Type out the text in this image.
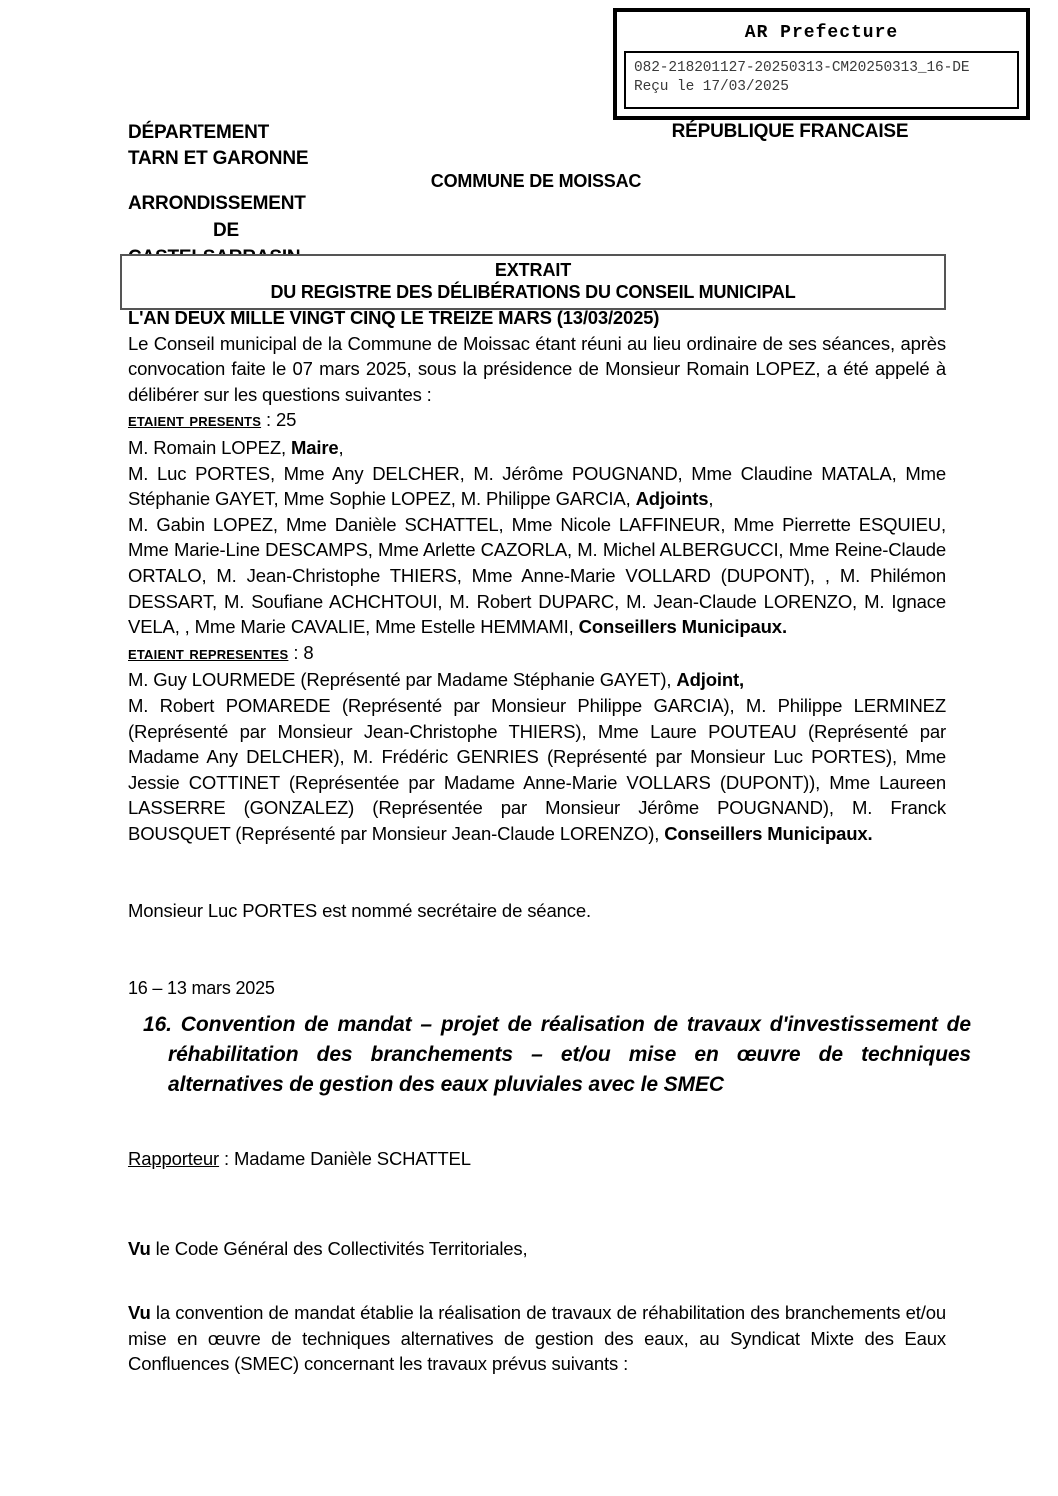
AR Prefecture
082-218201127-20250313-CM20250313_16-DE
Reçu le 17/03/2025
DÉPARTEMENT
TARN ET GARONNE
ARRONDISSEMENT
DE
RÉPUBLIQUE FRANCAISE
COMMUNE DE MOISSAC
EXTRAIT
DU REGISTRE DES DÉLIBÉRATIONS DU CONSEIL MUNICIPAL
L'AN DEUX MILLE VINGT CINQ LE TREIZE MARS (13/03/2025)
Le Conseil municipal de la Commune de Moissac étant réuni au lieu ordinaire de ses séances, après convocation faite le 07 mars 2025, sous la présidence de Monsieur Romain LOPEZ, a été appelé à délibérer sur les questions suivantes :
etaient presents : 25
M. Romain LOPEZ, Maire,
M. Luc PORTES, Mme Any DELCHER, M. Jérôme POUGNAND, Mme Claudine MATALA, Mme Stéphanie GAYET, Mme Sophie LOPEZ, M. Philippe GARCIA, Adjoints,
M. Gabin LOPEZ, Mme Danièle SCHATTEL, Mme Nicole LAFFINEUR, Mme Pierrette ESQUIEU, Mme Marie-Line DESCAMPS, Mme Arlette CAZORLA, M. Michel ALBERGUCCI, Mme Reine-Claude ORTALO, M. Jean-Christophe THIERS, Mme Anne-Marie VOLLARD (DUPONT), , M. Philémon DESSART, M. Soufiane ACHCHTOUI, M. Robert DUPARC, M. Jean-Claude LORENZO, M. Ignace VELA, , Mme Marie CAVALIE, Mme Estelle HEMMAMI, Conseillers Municipaux.
etaient representes : 8
M. Guy LOURMEDE (Représenté par Madame Stéphanie GAYET), Adjoint,
M. Robert POMAREDE (Représenté par Monsieur Philippe GARCIA), M. Philippe LERMINEZ (Représenté par Monsieur Jean-Christophe THIERS), Mme Laure POUTEAU (Représenté par Madame Any DELCHER), M. Frédéric GENRIES (Représenté par Monsieur Luc PORTES), Mme Jessie COTTINET (Représentée par Madame Anne-Marie VOLLARS (DUPONT)), Mme Laureen LASSERRE (GONZALEZ) (Représentée par Monsieur Jérôme POUGNAND), M. Franck BOUSQUET (Représenté par Monsieur Jean-Claude LORENZO), Conseillers Municipaux.
Monsieur Luc PORTES est nommé secrétaire de séance.
16 – 13 mars 2025
16. Convention de mandat – projet de réalisation de travaux d'investissement de réhabilitation des branchements – et/ou mise en œuvre de techniques alternatives de gestion des eaux pluviales avec le SMEC
Rapporteur : Madame Danièle SCHATTEL
Vu le Code Général des Collectivités Territoriales,
Vu la convention de mandat établie la réalisation de travaux de réhabilitation des branchements et/ou mise en œuvre de techniques alternatives de gestion des eaux, au Syndicat Mixte des Eaux Confluences (SMEC) concernant les travaux prévus suivants :
